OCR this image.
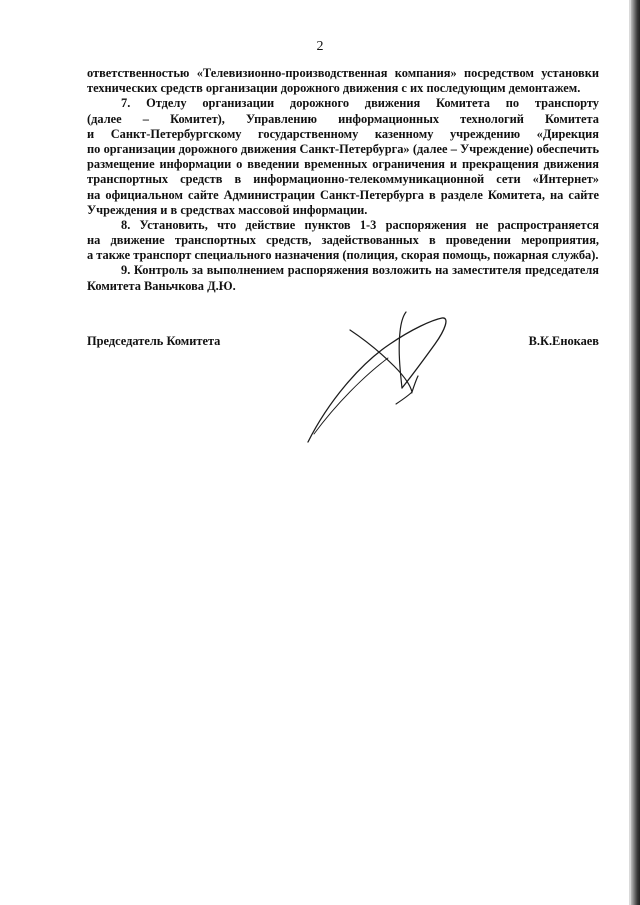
2
ответственностью «Телевизионно-производственная компания» посредством установки
технических средств организации дорожного движения с их последующим демонтажем.
7. Отделу организации дорожного движения Комитета по транспорту
(далее – Комитет), Управлению информационных технологий Комитета
и Санкт-Петербургскому государственному казенному учреждению «Дирекция
по организации дорожного движения Санкт-Петербурга» (далее – Учреждение) обеспечить
размещение информации о введении временных ограничения и прекращения движения
транспортных средств в информационно-телекоммуникационной сети «Интернет»
на официальном сайте Администрации Санкт-Петербурга в разделе Комитета, на сайте
Учреждения и в средствах массовой информации.
8. Установить, что действие пунктов 1-3 распоряжения не распространяется
на движение транспортных средств, задействованных в проведении мероприятия,
а также транспорт специального назначения (полиция, скорая помощь, пожарная служба).
9. Контроль за выполнением распоряжения возложить на заместителя председателя
Комитета Ваньчкова Д.Ю.
Председатель Комитета	В.К.Енокаев
